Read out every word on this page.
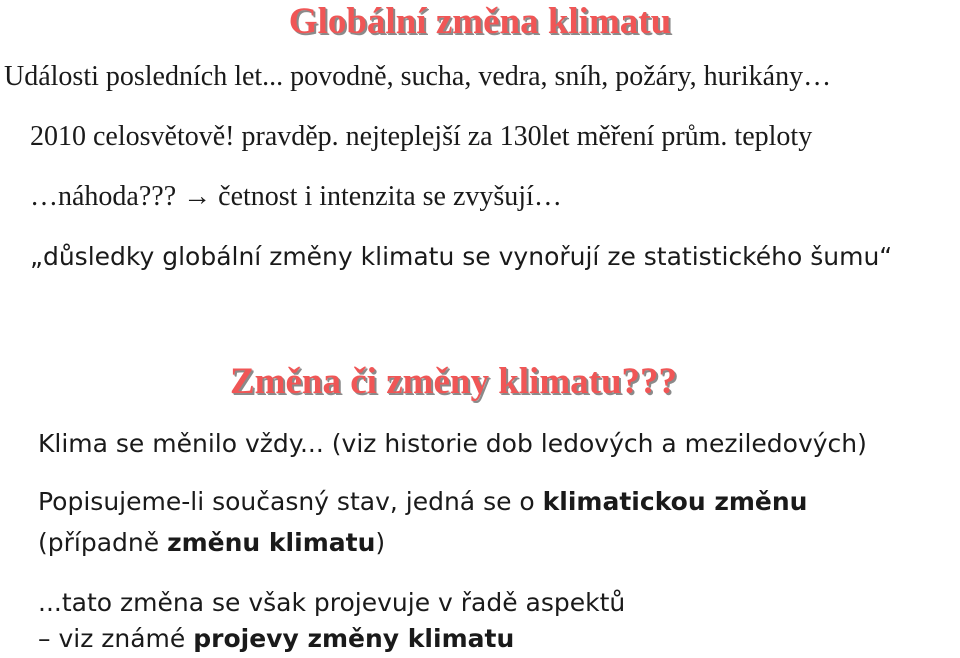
Globální změna klimatu

Události posledních let... povodně, sucha, vedra, sníh, požáry, hurikány…

2010 celosvětově! pravděp. nejteplejší za 130let měření prům. teploty

…náhoda??? → četnost i intenzita se zvyšují…

„důsledky globální změny klimatu se vynořují ze statistického šumu“

Změna či změny klimatu???

Klima se měnilo vždy... (viz historie dob ledových a meziledových)

Popisujeme-li současný stav, jedná se o klimatickou změnu

(případně změnu klimatu)

...tato změna se však projevuje v řadě aspektů

– viz známé projevy změny klimatu
